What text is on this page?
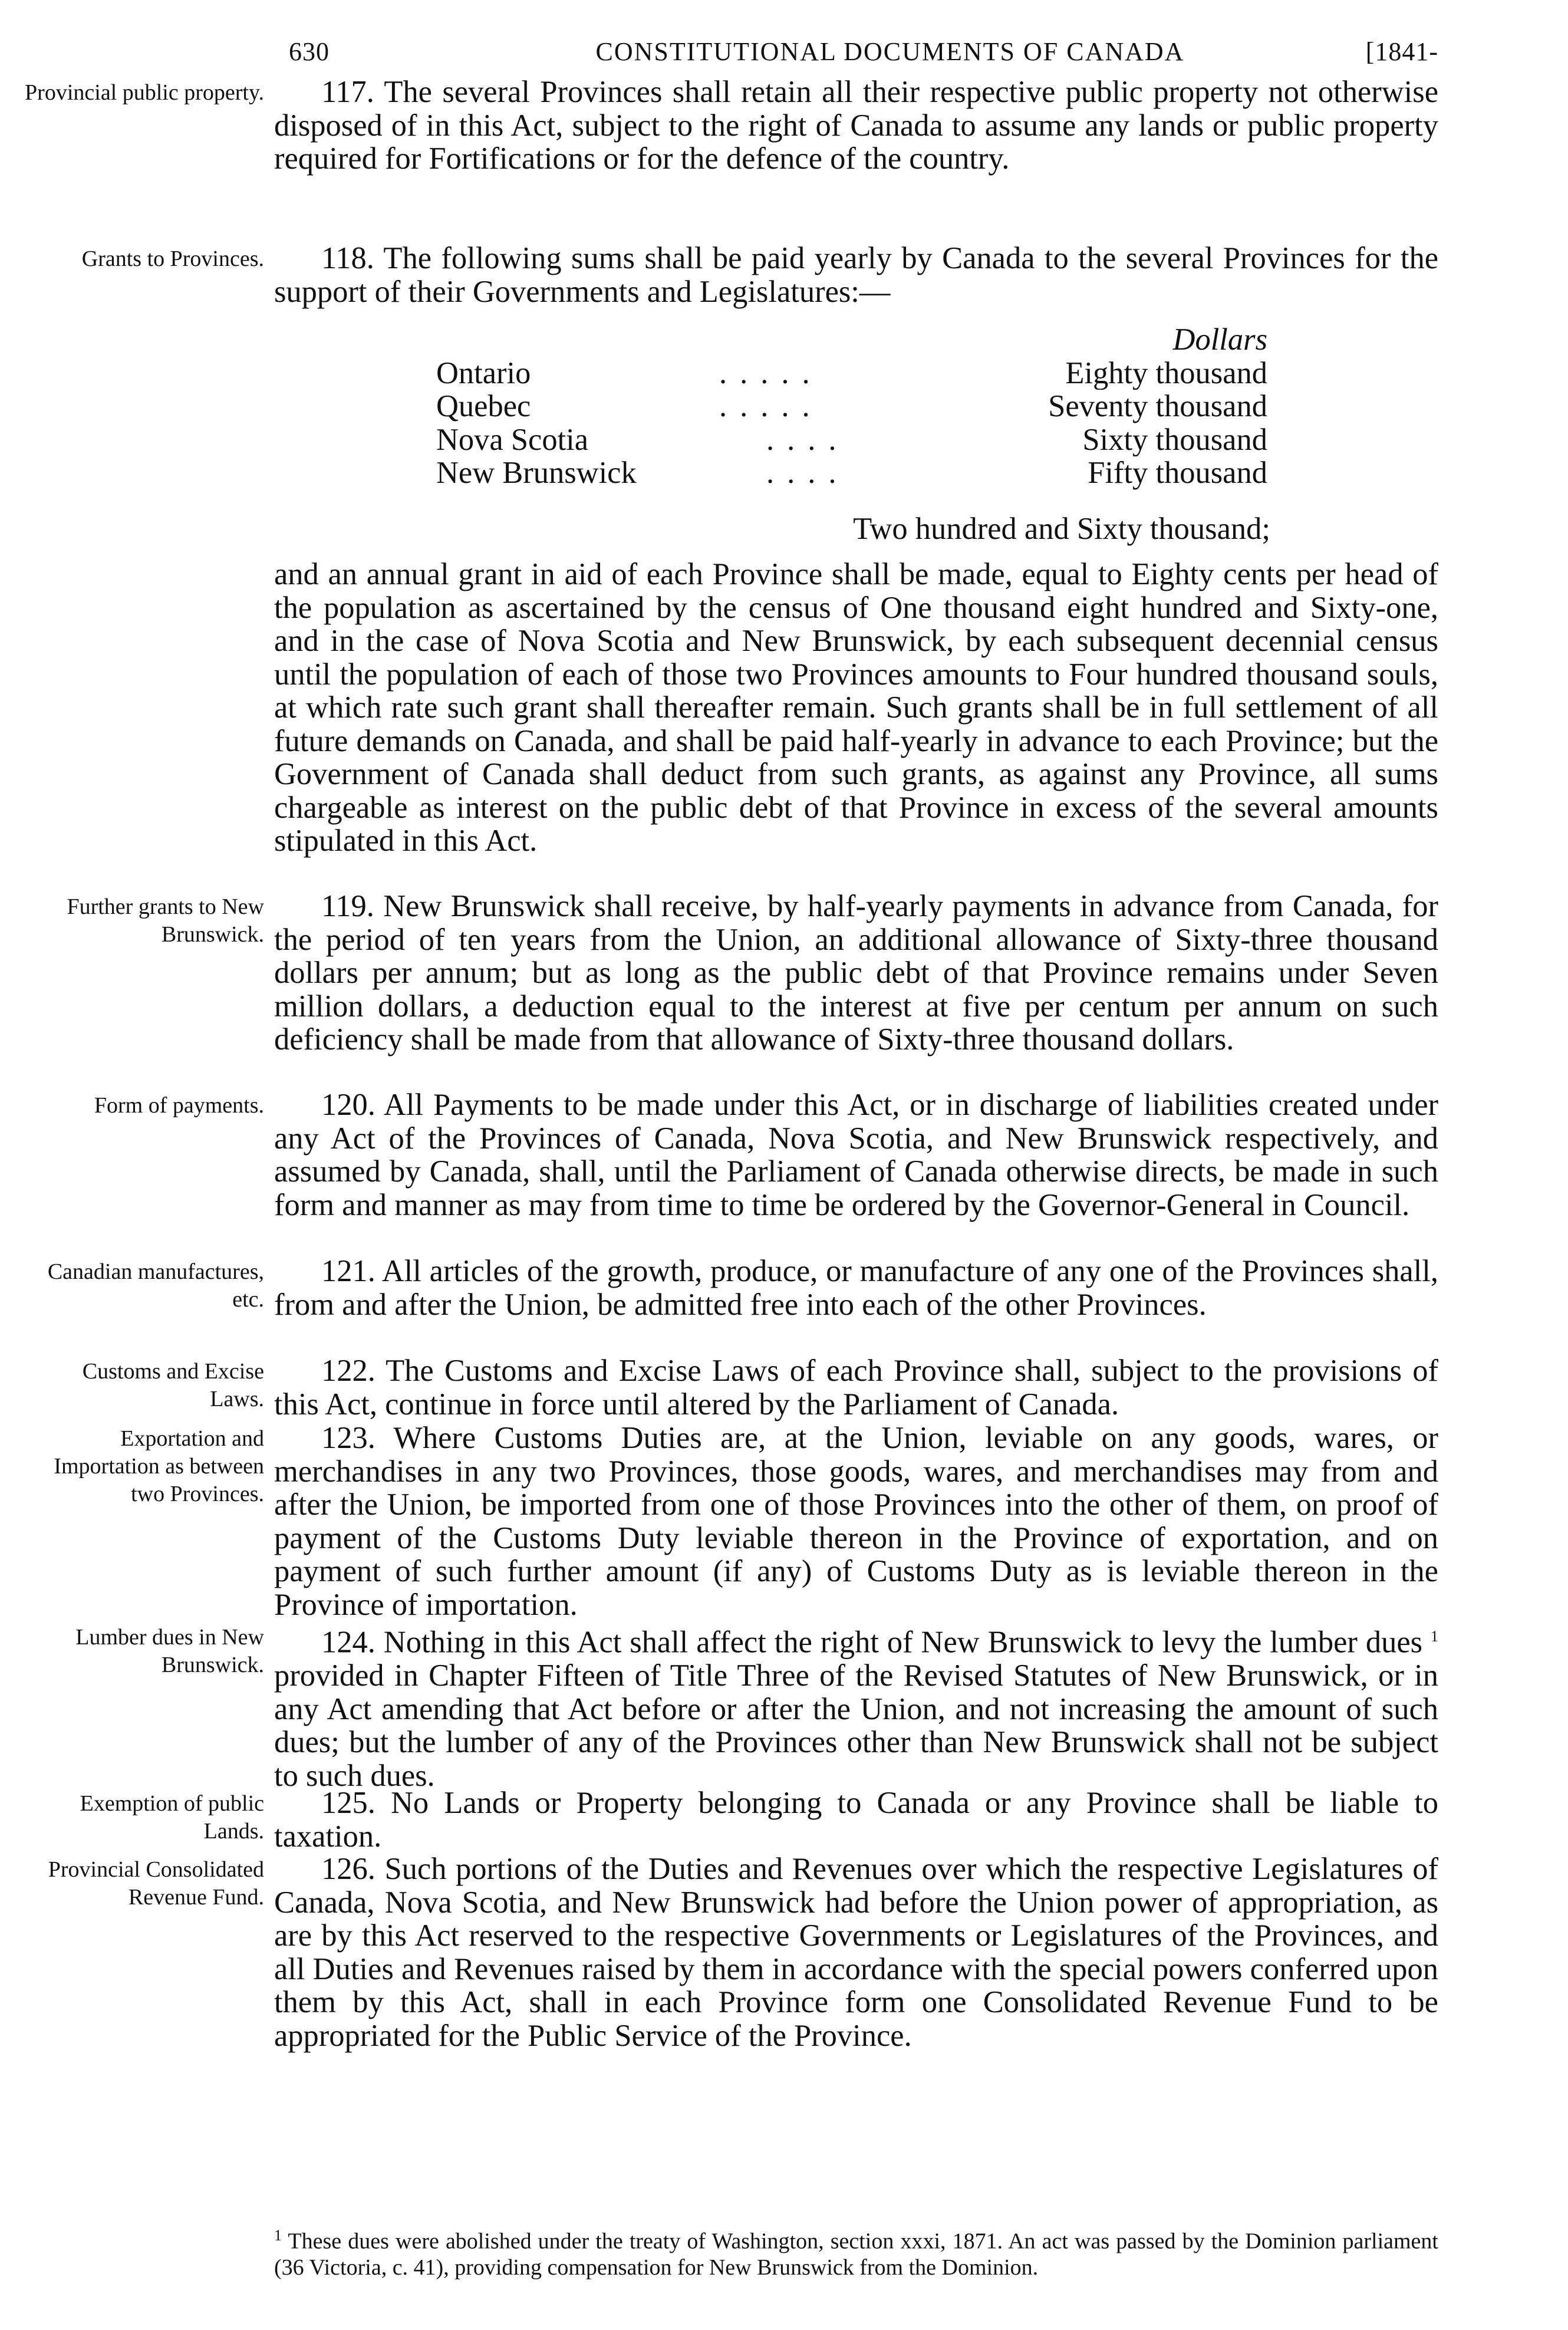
630	CONSTITUTIONAL DOCUMENTS OF CANADA	[1841-
Provincial public property.	117. The several Provinces shall retain all their respective public property not otherwise disposed of in this Act, subject to the right of Canada to assume any lands or public property required for Fortifications or for the defence of the country.

Grants to Provinces.	118. The following sums shall be paid yearly by Canada to the several Provinces for the support of their Governments and Legislatures:—

Dollars
.....
Ontario	Eighty thousand
.....
Quebec	Seventy thousand
....
Nova Scotia	Sixty thousand
....
New Brunswick	Fifty thousand
Two hundred and Sixty thousand;

and an annual grant in aid of each Province shall be made, equal to Eighty cents per head of the population as ascertained by the census of One thousand eight hundred and Sixty-one, and in the case of Nova Scotia and New Brunswick, by each subsequent decennial census until the population of each of those two Provinces amounts to Four hundred thousand souls, at which rate such grant shall thereafter remain. Such grants shall be in full settlement of all future demands on Canada, and shall be paid half-yearly in advance to each Province; but the Government of Canada shall deduct from such grants, as against any Province, all sums chargeable as interest on the public debt of that Province in excess of the several amounts stipulated in this Act.

Further grants to New Brunswick.

119. New Brunswick shall receive, by half-yearly payments in advance from Canada, for the period of ten years from the Union, an additional allowance of Sixty-three thousand dollars per annum; but as long as the public debt of that Province remains under Seven million dollars, a deduction equal to the interest at five per centum per annum on such deficiency shall be made from that allowance of Sixty-three thousand dollars.

Form of payments.	120. All Payments to be made under this Act, or in discharge of liabilities created under any Act of the Provinces of Canada, Nova Scotia, and New Brunswick respectively, and assumed by Canada, shall, until the Parliament of Canada otherwise directs, be made in such form and manner as may from time to time be ordered by the Governor-General in Council.

Canadian manufactures, etc.

121. All articles of the growth, produce, or manufacture of any one of the Provinces shall, from and after the Union, be admitted free into each of the other Provinces.

Customs and Excise Laws.

122. The Customs and Excise Laws of each Province shall, subject to the provisions of this Act, continue in force until altered by the Parliament of Canada.

Exportation and Importation as between two Provinces.

123. Where Customs Duties are, at the Union, leviable on any goods, wares, or merchandises in any two Provinces, those goods, wares, and merchandises may from and after the Union, be imported from one of those Provinces into the other of them, on proof of payment of the Customs Duty leviable thereon in the Province of exportation, and on payment of such further amount (if any) of Customs Duty as is leviable thereon in the Province of importation.

Lumber dues in New Brunswick.

124. Nothing in this Act shall affect the right of New Brunswick to levy the lumber dues $^1$ provided in Chapter Fifteen of Title Three of the Revised Statutes of New Brunswick, or in any Act amending that Act before or after the Union, and not increasing the amount of such dues; but the lumber of any of the Provinces other than New Brunswick shall not be subject to such dues.

Exemption of public Lands.

125. No Lands or Property belonging to Canada or any Province shall be liable to taxation.

Provincial Consolidated Revenue Fund.

126. Such portions of the Duties and Revenues over which the respective Legislatures of Canada, Nova Scotia, and New Brunswick had before the Union power of appropriation, as are by this Act reserved to the respective Governments or Legislatures of the Provinces, and all Duties and Revenues raised by them in accordance with the special powers conferred upon them by this Act, shall in each Province form one Consolidated Revenue Fund to be appropriated for the Public Service of the Province.

$^1$ These dues were abolished under the treaty of Washington, section xxxi, 1871. An act was passed by the Dominion parliament (36 Victoria, c. 41), providing compensation for New Brunswick from the Dominion.
